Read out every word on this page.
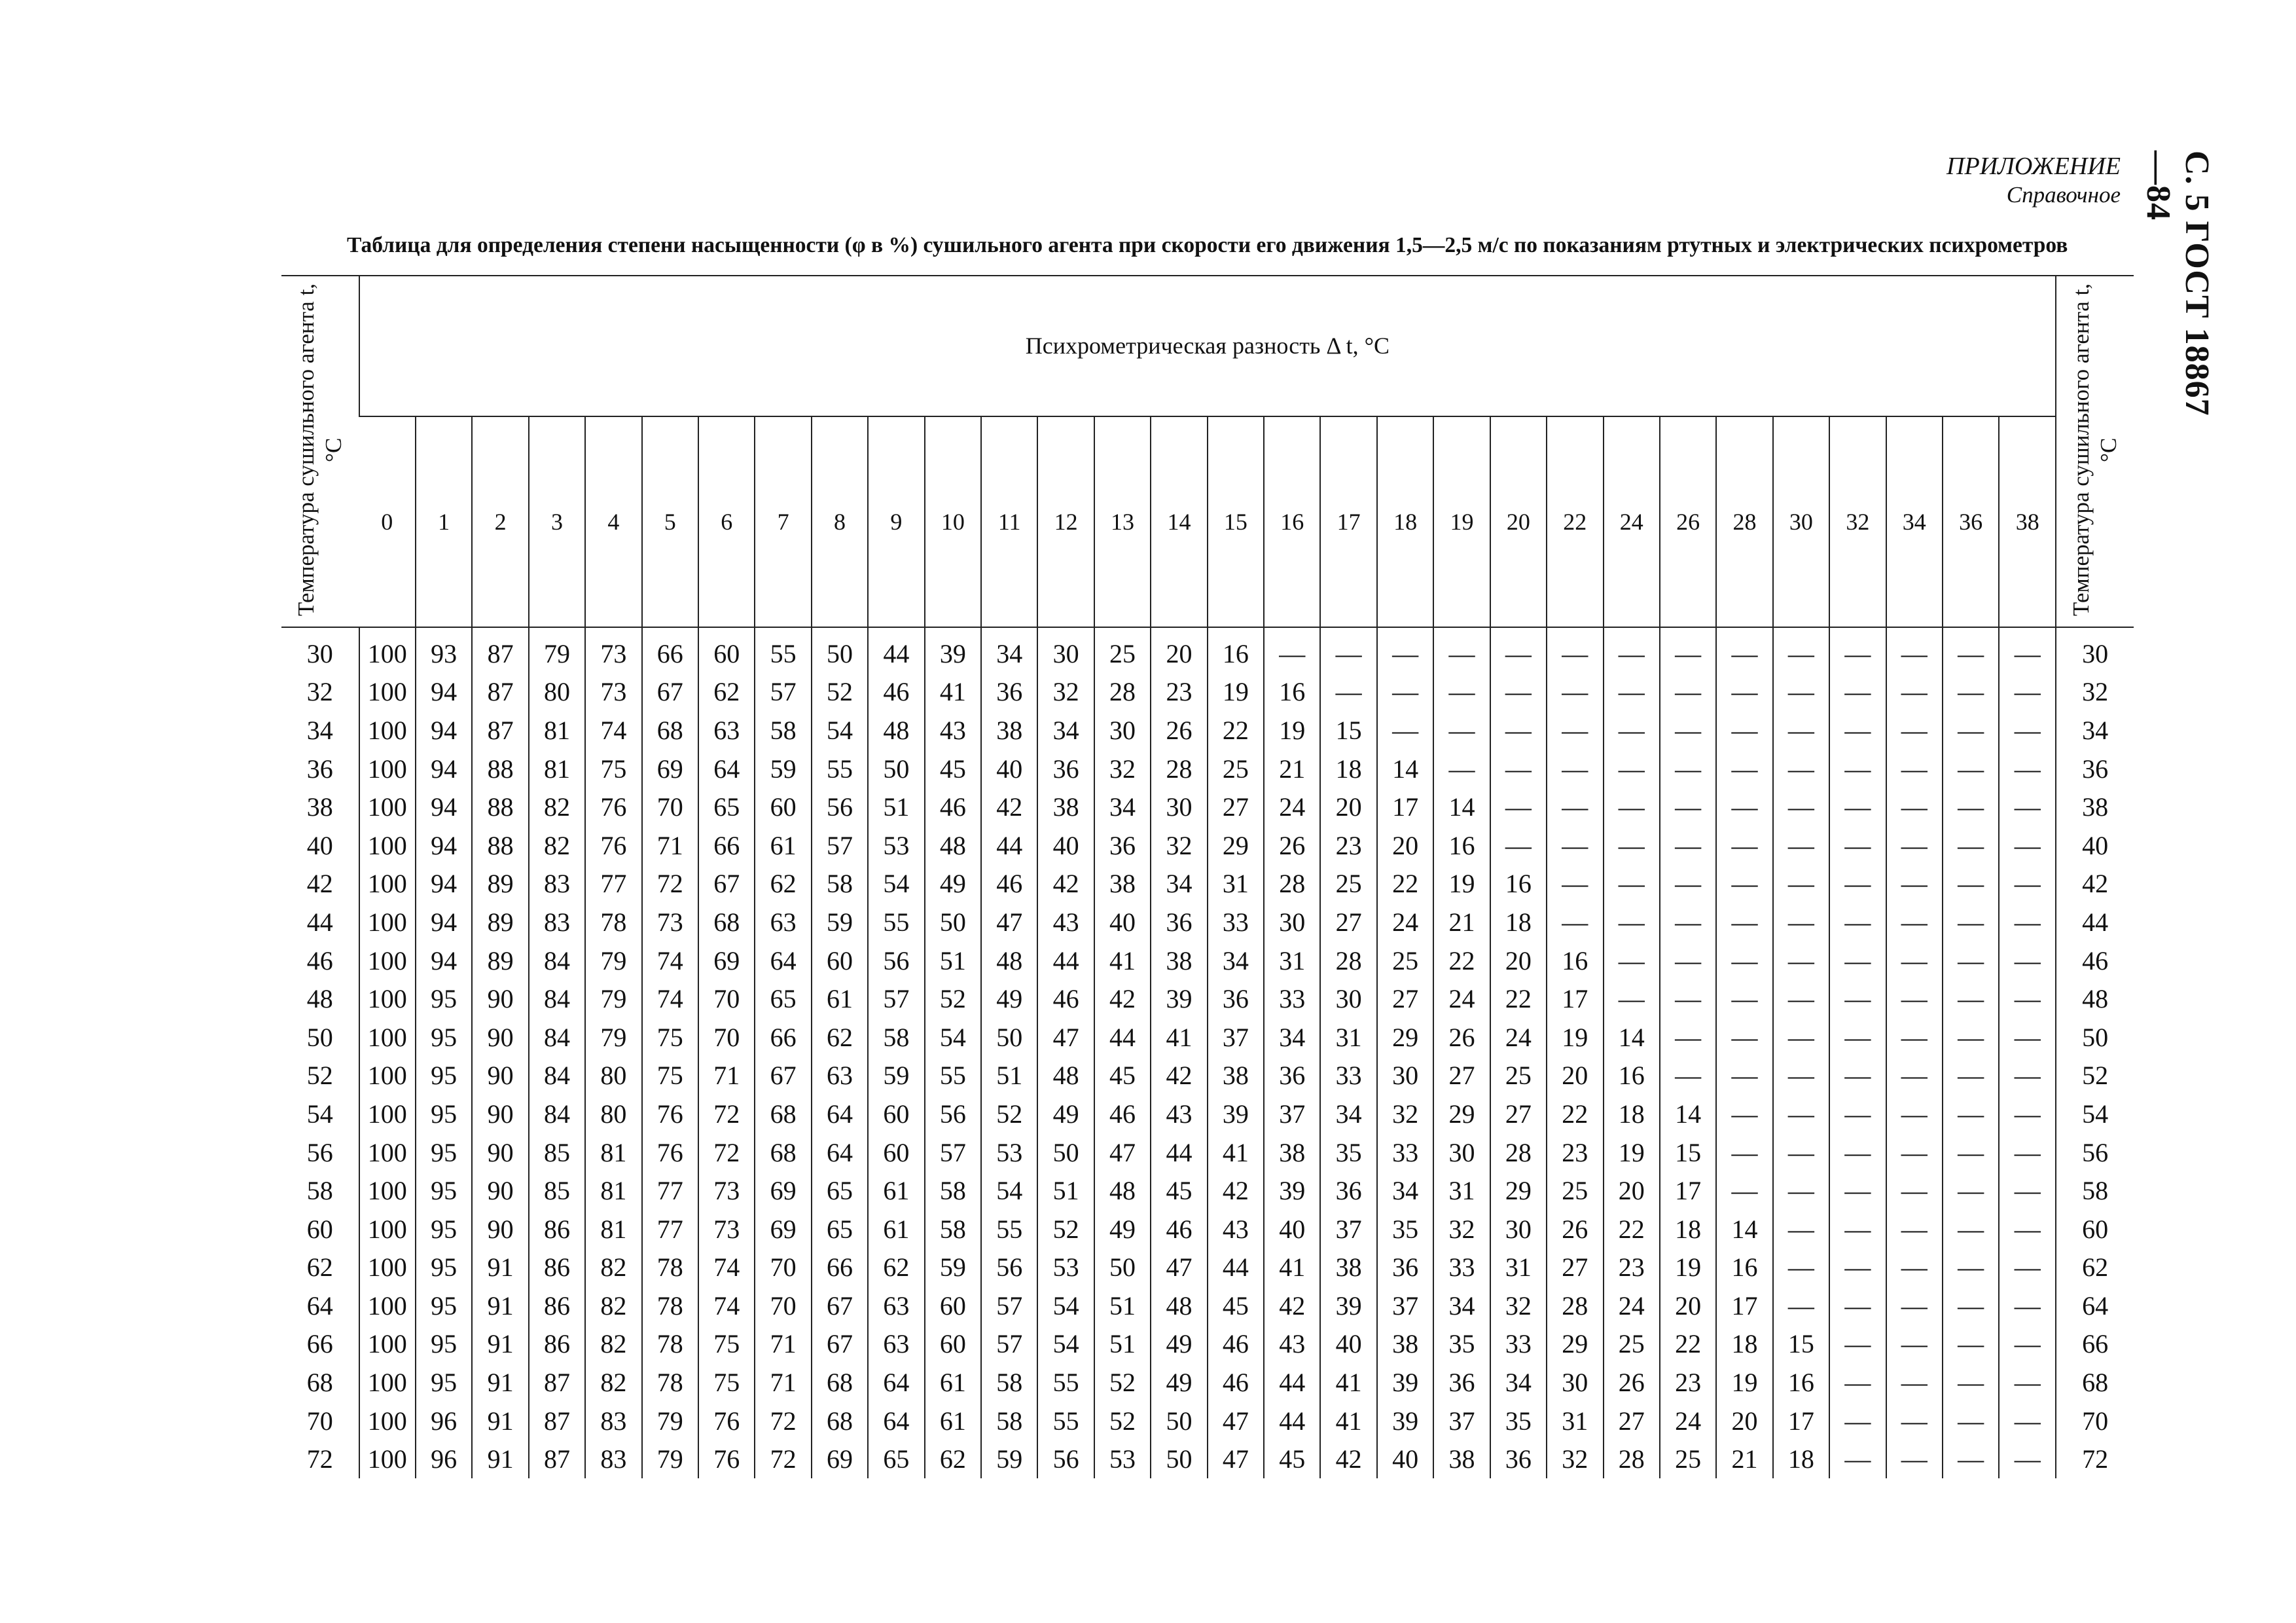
ПРИЛОЖЕНИЕ
Справочное	С. 5 ГОСТ 18867—84
Таблица для определения степени насыщенности (φ в %) сушильного агента при скорости его движения 1,5—2,5 м/с по показаниям ртутных и электрических психрометров
Температура сушильного агента t, °С	Психрометрическая разность Δ t, °С																														Температура сушильного агента t, °С
	0	1	2	3	4	5	6	7	8	9	10	11	12	13	14	15	16	17	18	19	20	22	24	26	28	30	32	34	36	38	
30	100	93	87	79	73	66	60	55	50	44	39	34	30	25	20	16	—	—	—	—	—	—	—	—	—	—	—	—	—	—	30
32	100	94	87	80	73	67	62	57	52	46	41	36	32	28	23	19	16	—	—	—	—	—	—	—	—	—	—	—	—	—	32
34	100	94	87	81	74	68	63	58	54	48	43	38	34	30	26	22	19	15	—	—	—	—	—	—	—	—	—	—	—	—	34
36	100	94	88	81	75	69	64	59	55	50	45	40	36	32	28	25	21	18	14	—	—	—	—	—	—	—	—	—	—	—	36
38	100	94	88	82	76	70	65	60	56	51	46	42	38	34	30	27	24	20	17	14	—	—	—	—	—	—	—	—	—	—	38
40	100	94	88	82	76	71	66	61	57	53	48	44	40	36	32	29	26	23	20	16	—	—	—	—	—	—	—	—	—	—	40
42	100	94	89	83	77	72	67	62	58	54	49	46	42	38	34	31	28	25	22	19	16	—	—	—	—	—	—	—	—	—	42
44	100	94	89	83	78	73	68	63	59	55	50	47	43	40	36	33	30	27	24	21	18	—	—	—	—	—	—	—	—	—	44
46	100	94	89	84	79	74	69	64	60	56	51	48	44	41	38	34	31	28	25	22	20	16	—	—	—	—	—	—	—	—	46
48	100	95	90	84	79	74	70	65	61	57	52	49	46	42	39	36	33	30	27	24	22	17	—	—	—	—	—	—	—	—	48
50	100	95	90	84	79	75	70	66	62	58	54	50	47	44	41	37	34	31	29	26	24	19	14	—	—	—	—	—	—	—	50
52	100	95	90	84	80	75	71	67	63	59	55	51	48	45	42	38	36	33	30	27	25	20	16	—	—	—	—	—	—	—	52
54	100	95	90	84	80	76	72	68	64	60	56	52	49	46	43	39	37	34	32	29	27	22	18	14	—	—	—	—	—	—	54
56	100	95	90	85	81	76	72	68	64	60	57	53	50	47	44	41	38	35	33	30	28	23	19	15	—	—	—	—	—	—	56
58	100	95	90	85	81	77	73	69	65	61	58	54	51	48	45	42	39	36	34	31	29	25	20	17	—	—	—	—	—	—	58
60	100	95	90	86	81	77	73	69	65	61	58	55	52	49	46	43	40	37	35	32	30	26	22	18	14	—	—	—	—	—	60
62	100	95	91	86	82	78	74	70	66	62	59	56	53	50	47	44	41	38	36	33	31	27	23	19	16	—	—	—	—	—	62
64	100	95	91	86	82	78	74	70	67	63	60	57	54	51	48	45	42	39	37	34	32	28	24	20	17	—	—	—	—	—	64
66	100	95	91	86	82	78	75	71	67	63	60	57	54	51	49	46	43	40	38	35	33	29	25	22	18	15	—	—	—	—	66
68	100	95	91	87	82	78	75	71	68	64	61	58	55	52	49	46	44	41	39	36	34	30	26	23	19	16	—	—	—	—	68
70	100	96	91	87	83	79	76	72	68	64	61	58	55	52	50	47	44	41	39	37	35	31	27	24	20	17	—	—	—	—	70
72	100	96	91	87	83	79	76	72	69	65	62	59	56	53	50	47	45	42	40	38	36	32	28	25	21	18	—	—	—	—	72
